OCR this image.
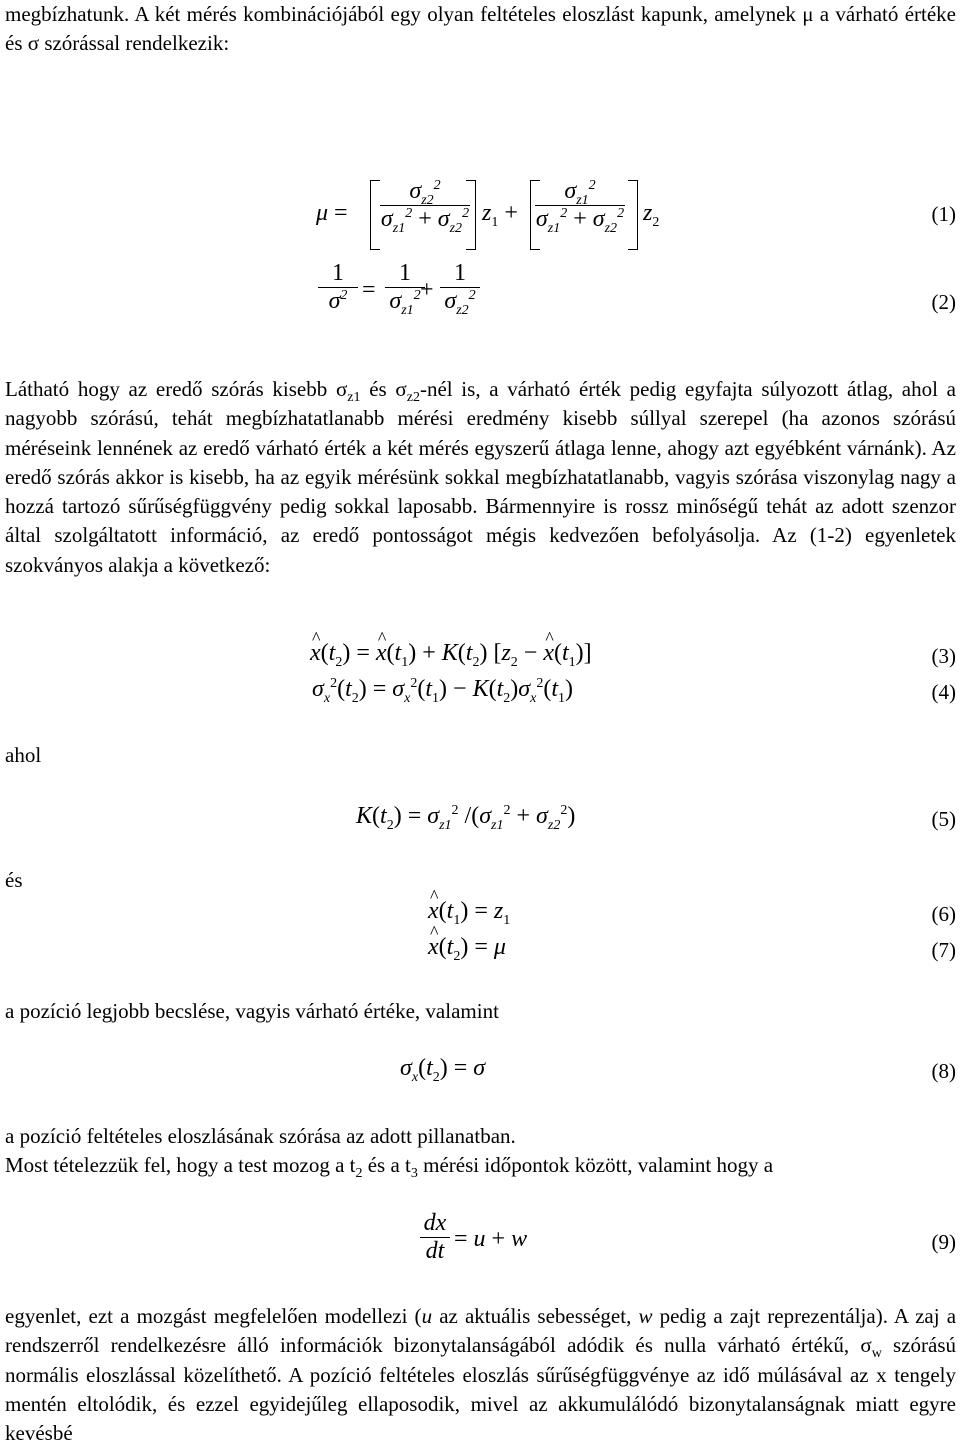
megbízhatunk. A két mérés kombinációjából egy olyan feltételes eloszlást kapunk, amelynek μ a várható értéke és σ szórással rendelkezik:
μ =
$\sigma_{z2}^2$
$\sigma_{z1}^2 + \sigma_{z2}^2$ $z_1$ +
$\sigma_{z1}^2$
$\sigma_{z1}^2 + \sigma_{z2}^2$ $z_2$	(1)
1
$\sigma^2$ =
1
$\sigma_{z1}^2$ +
1
$\sigma_{z2}^2$	(2)
Látható hogy az eredő szórás kisebb $\sigma_{z1}$ és $\sigma_{z2}$-nél is, a várható érték pedig egyfajta súlyozott átlag, ahol a nagyobb szórású, tehát megbízhatatlanabb mérési eredmény kisebb súllyal szerepel (ha azonos szórású méréseink lennének az eredő várható érték a két mérés egyszerű átlaga lenne, ahogy azt egyébként várnánk). Az eredő szórás akkor is kisebb, ha az egyik mérésünk sokkal megbízhatatlanabb, vagyis szórása viszonylag nagy a hozzá tartozó sűrűségfüggvény pedig sokkal laposabb. Bármennyire is rossz minőségű tehát az adott szenzor által szolgáltatott információ, az eredő pontosságot mégis kedvezően befolyásolja. Az (1-2) egyenletek szokványos alakja a következő:
^ $x(t_2)$ = ^ $x(t_1) + K(t_2) [z_2$ − ^ $x(t_1)$]	(3)
$\sigma_x^2(t_2) = \sigma_x^2(t_1) - K(t_2)\sigma_x^2(t_1)$	(4)
ahol
$K(t_2) = \sigma_{z1}^2$ $/(\sigma_{z1}^2 + \sigma_{z2}^2)$	(5)
és
^ $x(t_1) = z_1$	(6)
^ $x(t_2) = \mu$	(7)
a pozíció legjobb becslése, vagyis várható értéke, valamint
$\sigma_x(t_2) = \sigma$	(8)
a pozíció feltételes eloszlásának szórása az adott pillanatban.
Most tételezzük fel, hogy a test mozog a $t_2$ és a $t_3$ mérési időpontok között, valamint hogy a
dx
dt = u + w	(9)
egyenlet, ezt a mozgást megfelelően modellezi (u az aktuális sebességet, w pedig a zajt reprezentálja). A zaj a rendszerről rendelkezésre álló információk bizonytalanságából adódik és nulla várható értékű, $\sigma_w$ szórású normális eloszlással közelíthető. A pozíció feltételes eloszlás sűrűségfüggvénye az idő múlásával az x tengely mentén eltolódik, és ezzel egyidejűleg ellaposodik, mivel az akkumulálódó bizonytalanságnak miatt egyre kevésbé
